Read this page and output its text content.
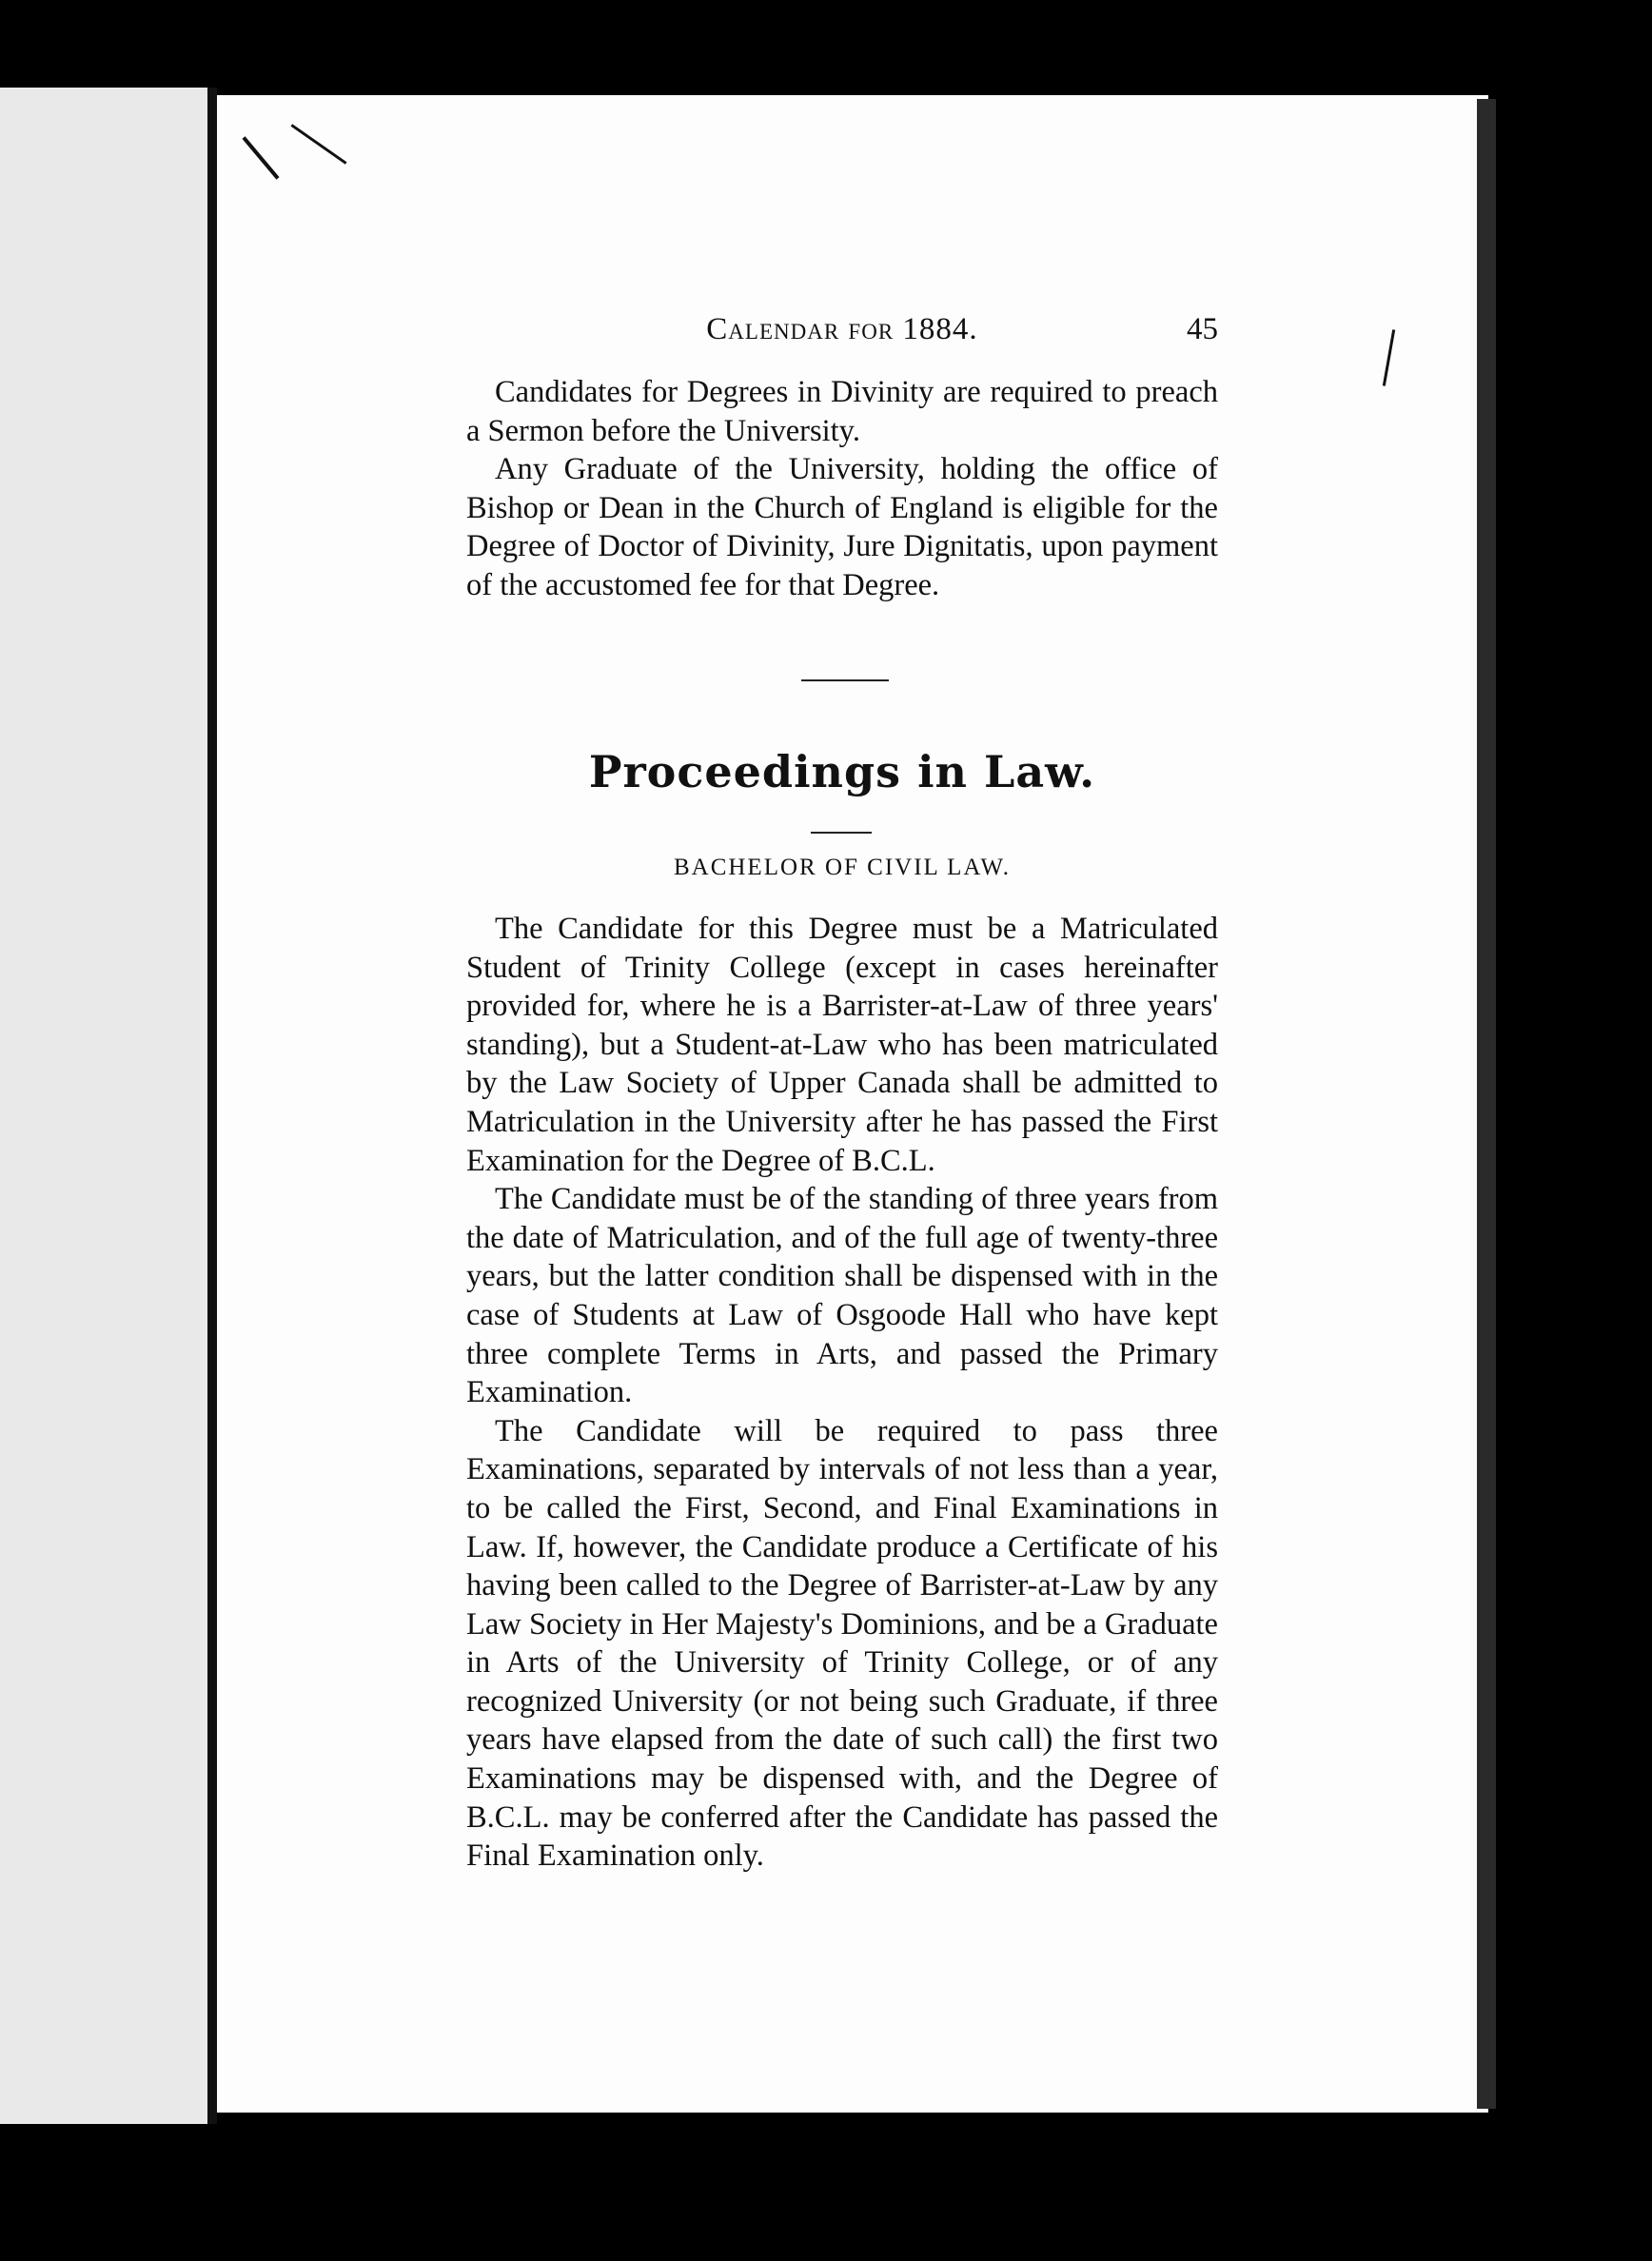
Calendar for 1884.	45

Candidates for Degrees in Divinity are required to preach a Sermon before the University.

Any Graduate of the University, holding the office of Bishop or Dean in the Church of England is eligible for the Degree of Doctor of Divinity, Jure Dignitatis, upon payment of the accustomed fee for that Degree.

Proceedings in Law.
BACHELOR OF CIVIL LAW.

The Candidate for this Degree must be a Matriculated Student of Trinity College (except in cases hereinafter provided for, where he is a Barrister-at-Law of three years' standing), but a Student-at-Law who has been matriculated by the Law Society of Upper Canada shall be admitted to Matriculation in the University after he has passed the First Examination for the Degree of B.C.L.

The Candidate must be of the standing of three years from the date of Matriculation, and of the full age of twenty-three years, but the latter condition shall be dispensed with in the case of Students at Law of Osgoode Hall who have kept three complete Terms in Arts, and passed the Primary Examination.

The Candidate will be required to pass three Examinations, separated by intervals of not less than a year, to be called the First, Second, and Final Examinations in Law. If, however, the Candidate produce a Certificate of his having been called to the Degree of Barrister-at-Law by any Law Society in Her Majesty's Dominions, and be a Graduate in Arts of the University of Trinity College, or of any recognized University (or not being such Graduate, if three years have elapsed from the date of such call) the first two Examinations may be dispensed with, and the Degree of B.C.L. may be conferred after the Candidate has passed the Final Examination only.
